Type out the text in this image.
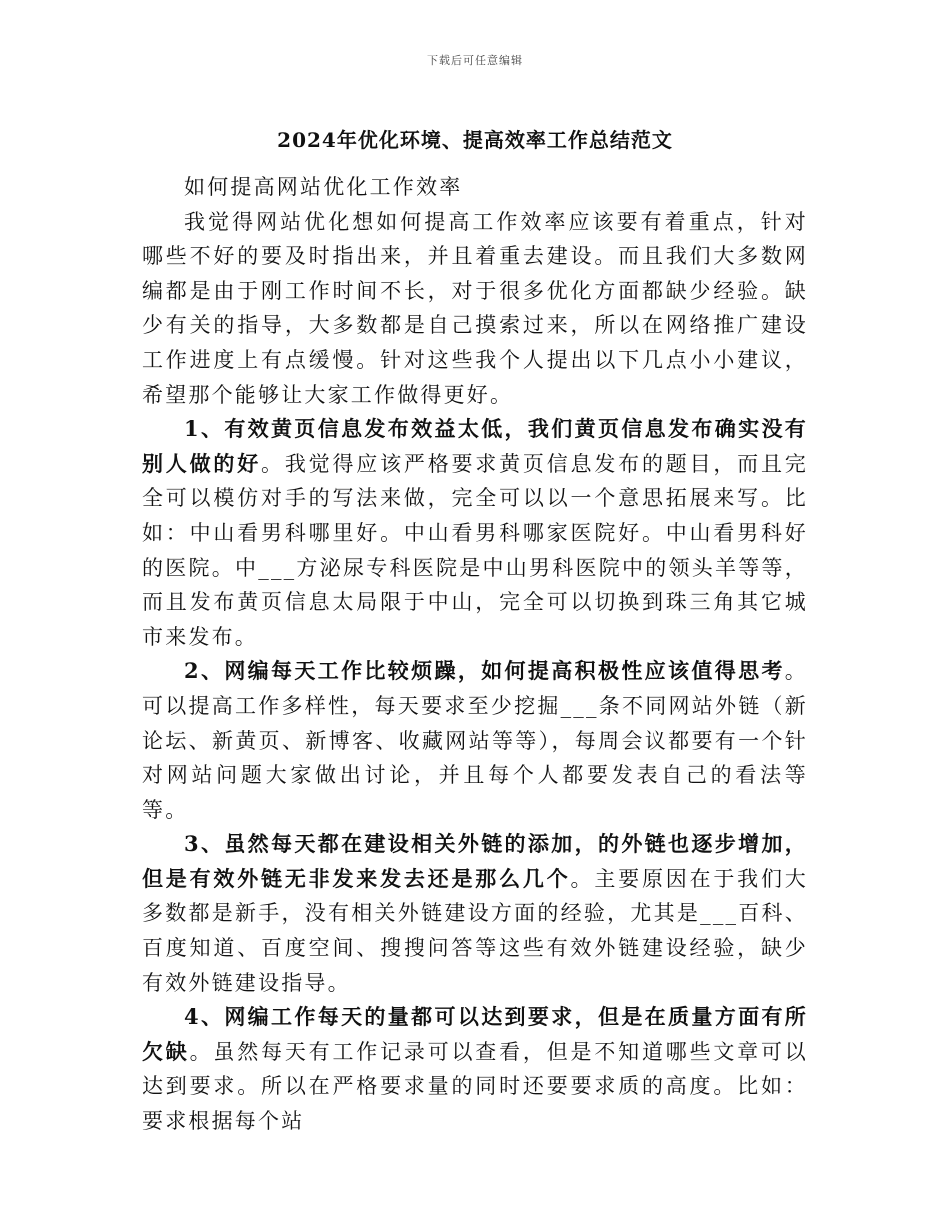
下载后可任意编辑
2024年优化环境、提高效率工作总结范文

如何提高网站优化工作效率

我觉得网站优化想如何提高工作效率应该要有着重点，针对哪些不好的要及时指出来，并且着重去建设。而且我们大多数网编都是由于刚工作时间不长，对于很多优化方面都缺少经验。缺少有关的指导，大多数都是自己摸索过来，所以在网络推广建设工作进度上有点缓慢。针对这些我个人提出以下几点小小建议，希望那个能够让大家工作做得更好。

1、有效黄页信息发布效益太低，我们黄页信息发布确实没有别人做的好。我觉得应该严格要求黄页信息发布的题目，而且完全可以模仿对手的写法来做，完全可以以一个意思拓展来写。比如：中山看男科哪里好。中山看男科哪家医院好。中山看男科好的医院。中___方泌尿专科医院是中山男科医院中的领头羊等等，而且发布黄页信息太局限于中山，完全可以切换到珠三角其它城市来发布。

2、网编每天工作比较烦躁，如何提高积极性应该值得思考。可以提高工作多样性，每天要求至少挖掘___条不同网站外链（新论坛、新黄页、新博客、收藏网站等等），每周会议都要有一个针对网站问题大家做出讨论，并且每个人都要发表自己的看法等等。

3、虽然每天都在建设相关外链的添加，的外链也逐步增加，但是有效外链无非发来发去还是那么几个。主要原因在于我们大多数都是新手，没有相关外链建设方面的经验，尤其是___百科、百度知道、百度空间、搜搜问答等这些有效外链建设经验，缺少有效外链建设指导。

4、网编工作每天的量都可以达到要求，但是在质量方面有所欠缺。虽然每天有工作记录可以查看，但是不知道哪些文章可以达到要求。所以在严格要求量的同时还要要求质的高度。比如：要求根据每个站
